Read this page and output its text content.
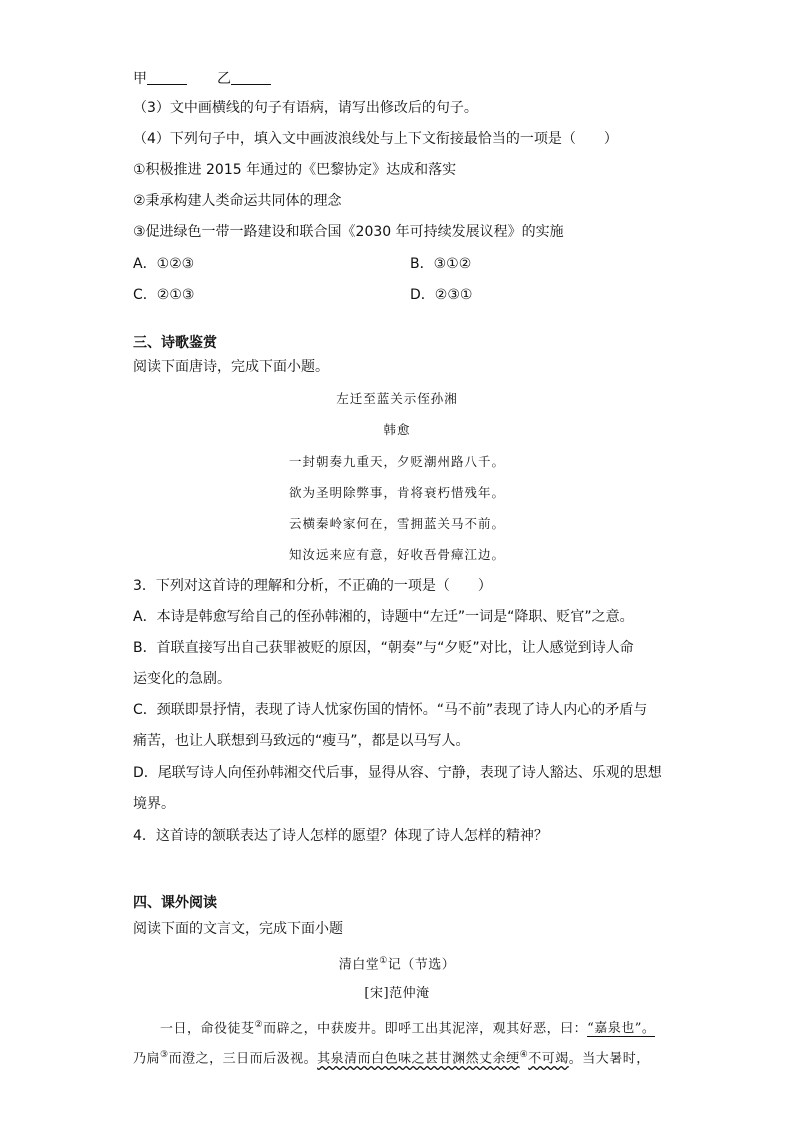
甲	乙
（3）文中画横线的句子有语病，请写出修改后的句子。
（4）下列句子中，填入文中画波浪线处与上下文衔接最恰当的一项是（　　）
①积极推进 2015 年通过的《巴黎协定》达成和落实
②秉承构建人类命运共同体的理念
③促进绿色一带一路建设和联合国《2030 年可持续发展议程》的实施
A．①②③	B．③①②
C．②①③	D．②③①
三、诗歌鉴赏
阅读下面唐诗，完成下面小题。
左迁至蓝关示侄孙湘
韩愈
一封朝奏九重天，夕贬潮州路八千。
欲为圣明除弊事，肯将衰朽惜残年。
云横秦岭家何在，雪拥蓝关马不前。
知汝远来应有意，好收吾骨瘴江边。
3．下列对这首诗的理解和分析，不正确的一项是（　　）
A．本诗是韩愈写给自己的侄孙韩湘的，诗题中“左迁”一词是“降职、贬官”之意。
B．首联直接写出自己获罪被贬的原因，“朝奏”与“夕贬”对比，让人感觉到诗人命
运变化的急剧。
C．颈联即景抒情，表现了诗人忧家伤国的情怀。“马不前”表现了诗人内心的矛盾与
痛苦，也让人联想到马致远的“瘦马”，都是以马写人。
D．尾联写诗人向侄孙韩湘交代后事，显得从容、宁静，表现了诗人豁达、乐观的思想
境界。
4．这首诗的颔联表达了诗人怎样的愿望？体现了诗人怎样的精神？
四、课外阅读
阅读下面的文言文，完成下面小题
清白堂①记（节选）
[宋]范仲淹
一日，命役徒芟②而辟之，中获废井。即呼工出其泥滓，观其好恶，曰：“嘉泉也”。
乃扃③而澄之，三日而后汲视。其泉清而白色味之甚甘渊然丈余绠④不可竭。当大暑时，
